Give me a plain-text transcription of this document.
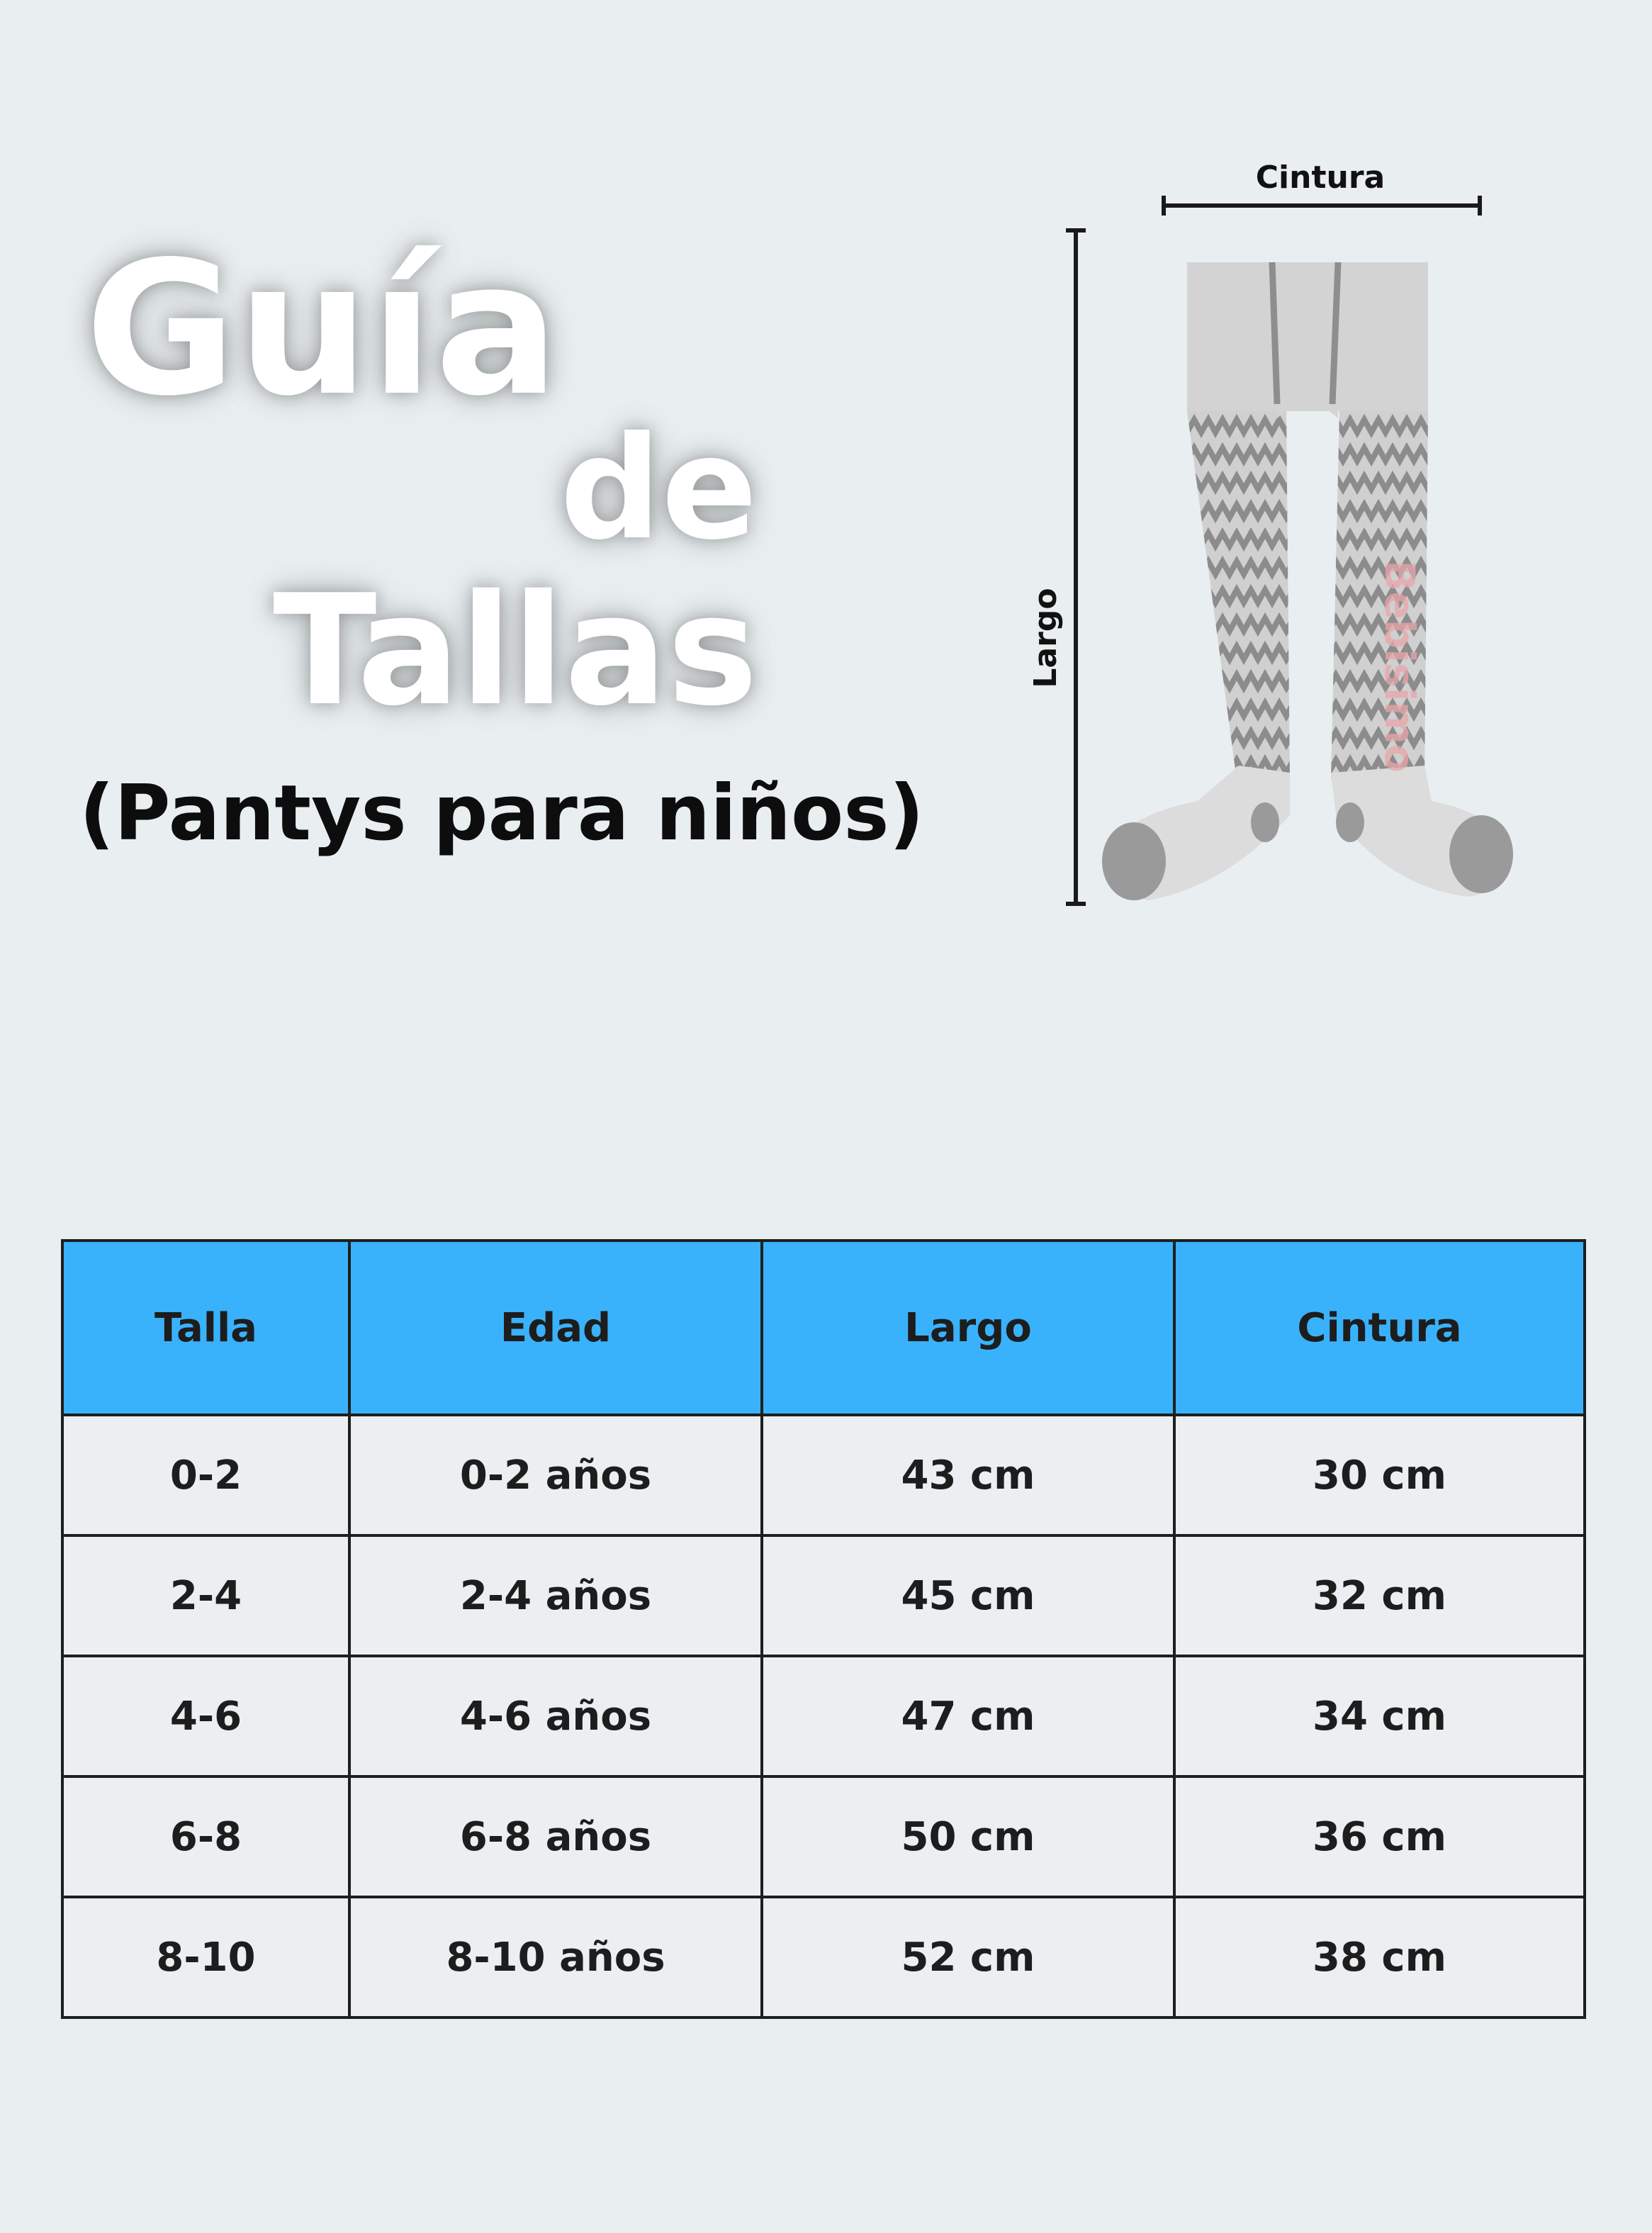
Guía
de
Tallas
(Pantys para niños)
Cintura
Largo	Bebisimo
Talla	Edad	Largo	Cintura
0-2	0-2 años	43 cm	30 cm
2-4	2-4 años	45 cm	32 cm
4-6	4-6 años	47 cm	34 cm
6-8	6-8 años	50 cm	36 cm
8-10	8-10 años	52 cm	38 cm
